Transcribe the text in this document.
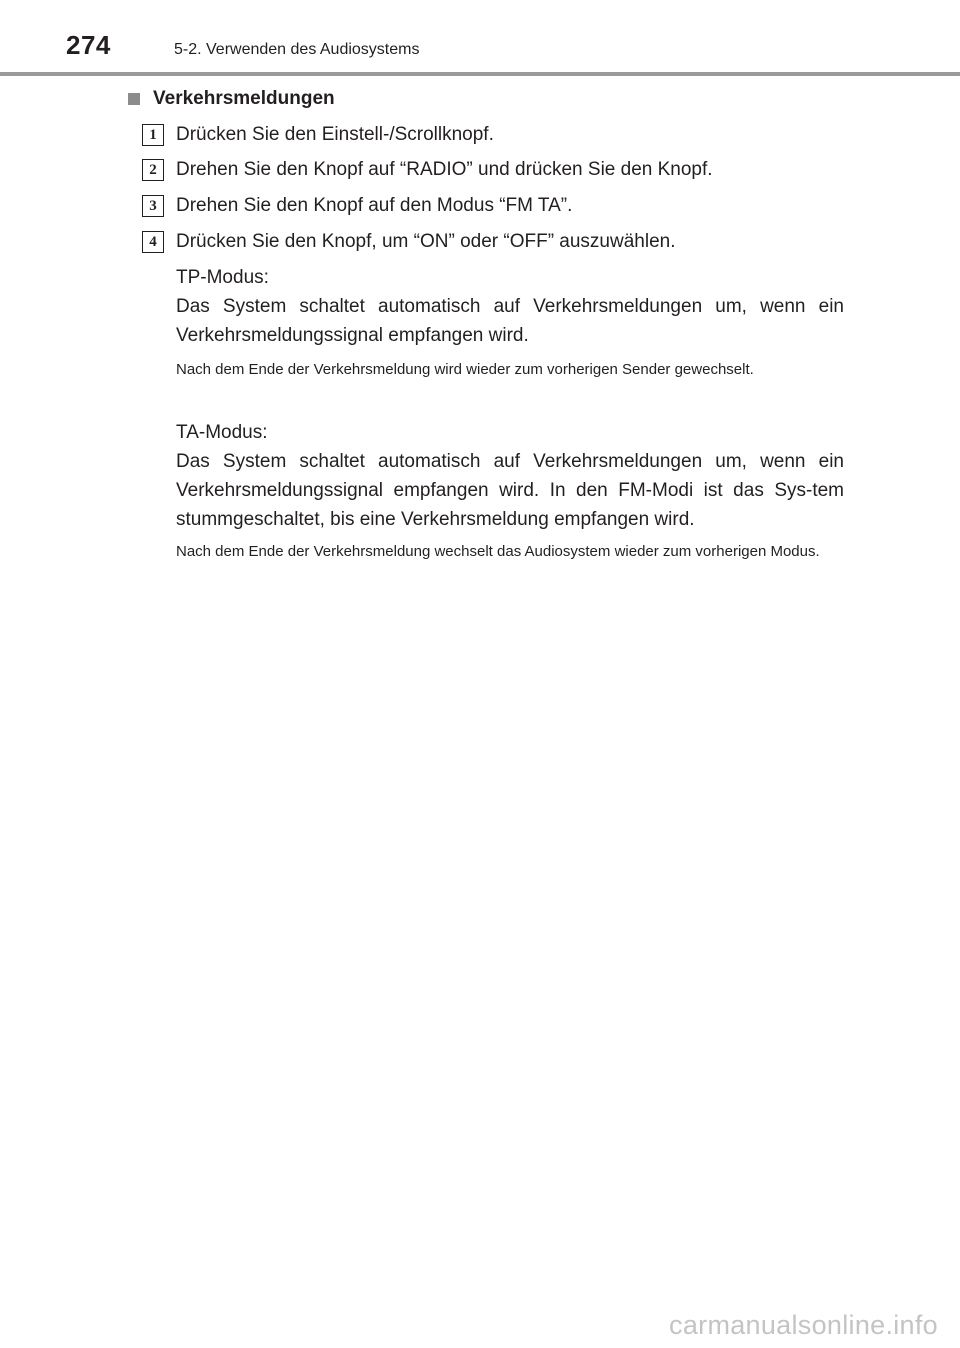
274	5-2. Verwenden des Audiosystems
Verkehrsmeldungen
1	Drücken Sie den Einstell-/Scrollknopf.
2	Drehen Sie den Knopf auf “RADIO” und drücken Sie den Knopf.
3	Drehen Sie den Knopf auf den Modus “FM TA”.
4	Drücken Sie den Knopf, um “ON” oder “OFF” auszuwählen.
TP-Modus:
Das System schaltet automatisch auf Verkehrsmeldungen um, wenn ein Verkehrsmeldungssignal empfangen wird.
Nach dem Ende der Verkehrsmeldung wird wieder zum vorherigen Sender gewechselt.
TA-Modus:
Das System schaltet automatisch auf Verkehrsmeldungen um, wenn ein Verkehrsmeldungssignal empfangen wird. In den FM-Modi ist das Sys-tem stummgeschaltet, bis eine Verkehrsmeldung empfangen wird.
Nach dem Ende der Verkehrsmeldung wechselt das Audiosystem wieder zum vorherigen Modus.
carmanualsonline.info
